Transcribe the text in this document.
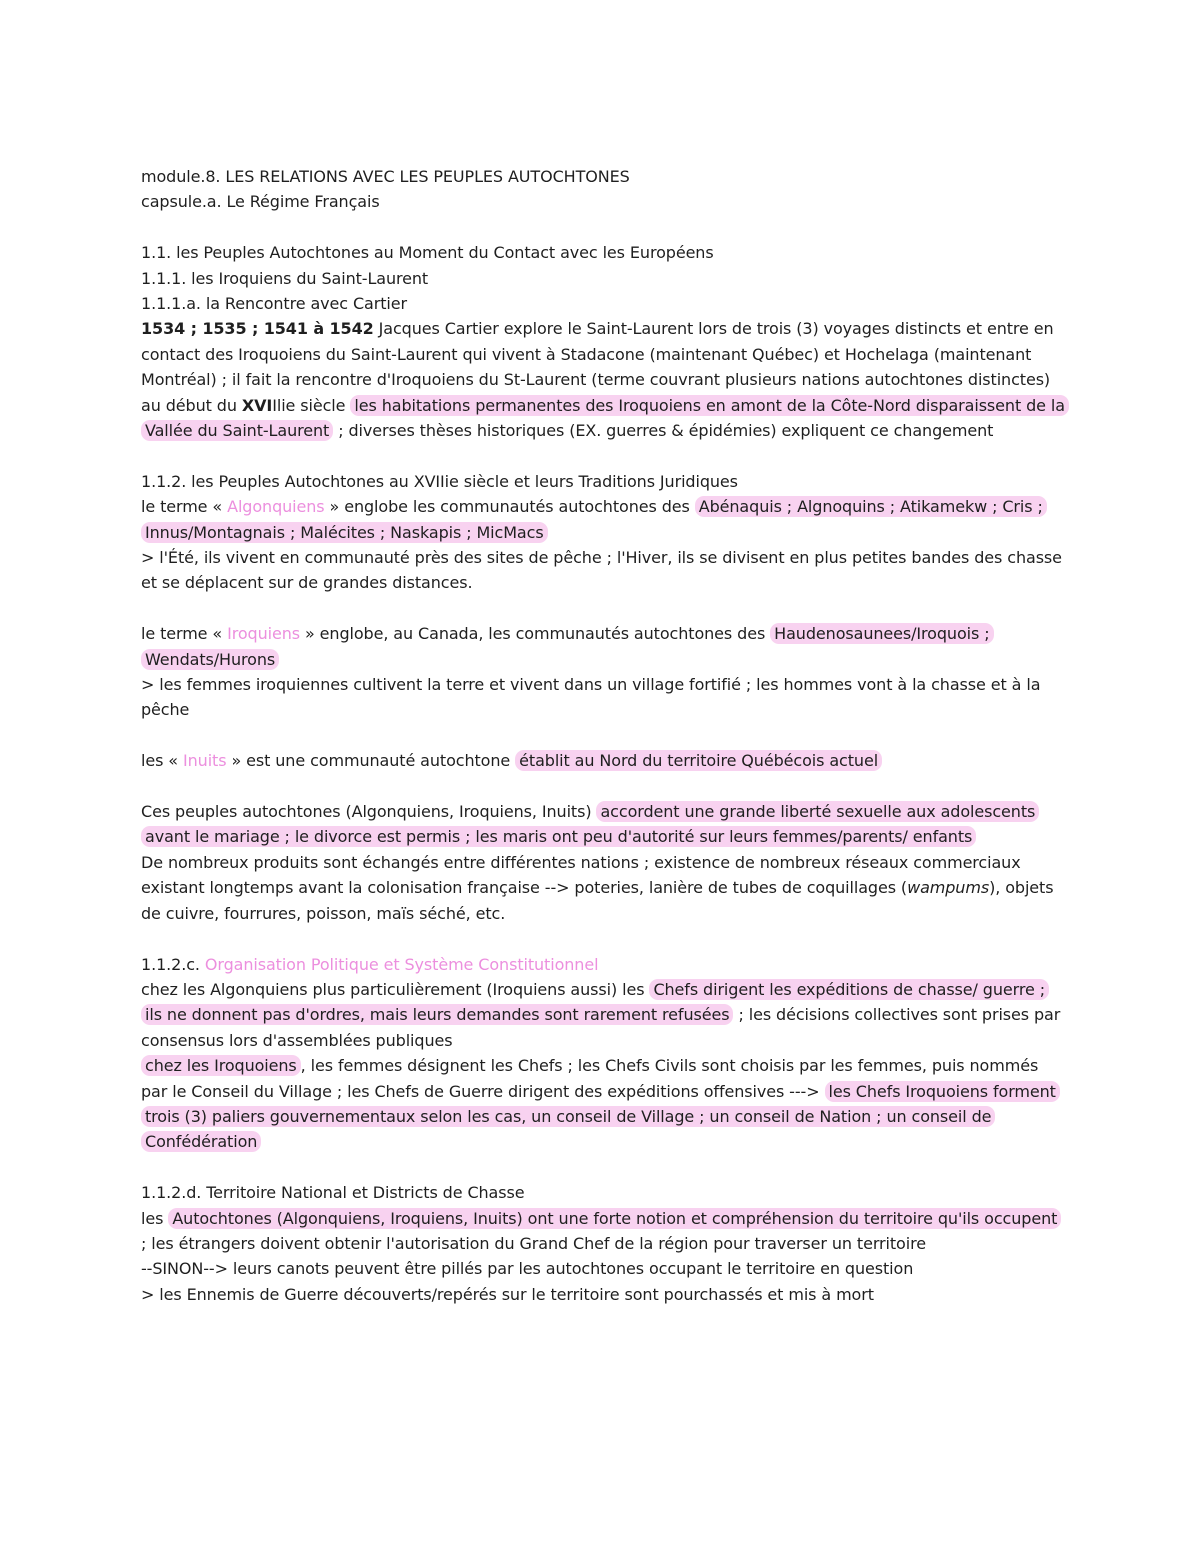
module.8. LES RELATIONS AVEC LES PEUPLES AUTOCHTONES

capsule.a. Le Régime Français

1.1. les Peuples Autochtones au Moment du Contact avec les Européens

1.1.1. les Iroquiens du Saint-Laurent

1.1.1.a. la Rencontre avec Cartier

1534 ; 1535 ; 1541 à 1542 Jacques Cartier explore le Saint-Laurent lors de trois (3) voyages distincts et entre en contact des Iroquoiens du Saint-Laurent qui vivent à Stadacone (maintenant Québec) et Hochelaga (maintenant Montréal) ; il fait la rencontre d'Iroquoiens du St-Laurent (terme couvrant plusieurs nations autochtones distinctes)

au début du XVIIlie siècle les habitations permanentes des Iroquoiens en amont de la Côte-Nord disparaissent de la Vallée du Saint-Laurent ; diverses thèses historiques (EX. guerres & épidémies) expliquent ce changement

1.1.2. les Peuples Autochtones au XVIIie siècle et leurs Traditions Juridiques

le terme « Algonquiens » englobe les communautés autochtones des Abénaquis ; Algnoquins ; Atikamekw ; Cris ; Innus/Montagnais ; Malécites ; Naskapis ; MicMacs

> l'Été, ils vivent en communauté près des sites de pêche ; l'Hiver, ils se divisent en plus petites bandes des chasse et se déplacent sur de grandes distances.

le terme « Iroquiens » englobe, au Canada, les communautés autochtones des Haudenosaunees/Iroquois ; Wendats/Hurons

> les femmes iroquiennes cultivent la terre et vivent dans un village fortifié ; les hommes vont à la chasse et à la pêche

les « Inuits » est une communauté autochtone établit au Nord du territoire Québécois actuel

Ces peuples autochtones (Algonquiens, Iroquiens, Inuits) accordent une grande liberté sexuelle aux adolescents avant le mariage ; le divorce est permis ; les maris ont peu d'autorité sur leurs femmes/parents/ enfants

De nombreux produits sont échangés entre différentes nations ; existence de nombreux réseaux commerciaux existant longtemps avant la colonisation française --> poteries, lanière de tubes de coquillages (wampums), objets de cuivre, fourrures, poisson, maïs séché, etc.

1.1.2.c. Organisation Politique et Système Constitutionnel

chez les Algonquiens plus particulièrement (Iroquiens aussi) les Chefs dirigent les expéditions de chasse/ guerre ; ils ne donnent pas d'ordres, mais leurs demandes sont rarement refusées ; les décisions collectives sont prises par consensus lors d'assemblées publiques

chez les Iroquoiens , les femmes désignent les Chefs ; les Chefs Civils sont choisis par les femmes, puis nommés par le Conseil du Village ; les Chefs de Guerre dirigent des expéditions offensives ---> les Chefs Iroquoiens forment trois (3) paliers gouvernementaux selon les cas, un conseil de Village ; un conseil de Nation ; un conseil de Confédération

1.1.2.d. Territoire National et Districts de Chasse

les Autochtones (Algonquiens, Iroquiens, Inuits) ont une forte notion et compréhension du territoire qu'ils occupent ; les étrangers doivent obtenir l'autorisation du Grand Chef de la région pour traverser un territoire

--SINON--> leurs canots peuvent être pillés par les autochtones occupant le territoire en question

> les Ennemis de Guerre découverts/repérés sur le territoire sont pourchassés et mis à mort
